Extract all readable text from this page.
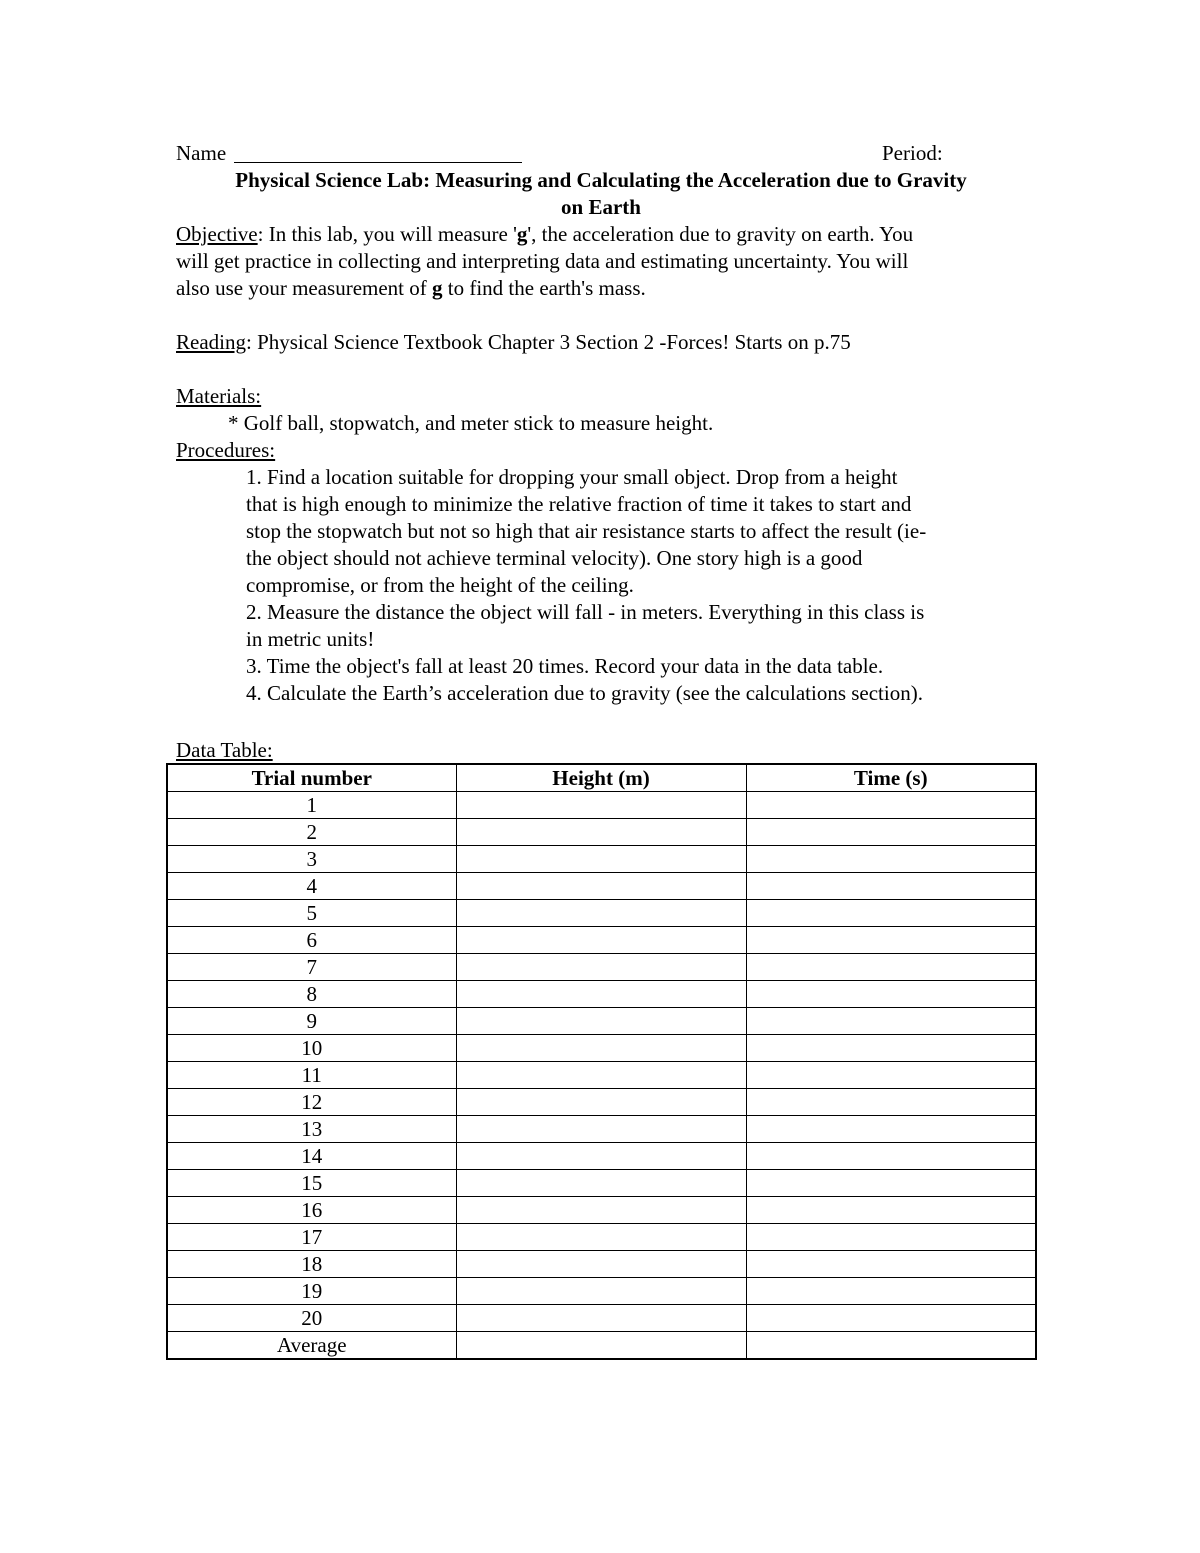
Name	Period:
Physical Science Lab: Measuring and Calculating the Acceleration due to Gravity
on Earth

Objective: In this lab, you will measure 'g', the acceleration due to gravity on earth. You

will get practice in collecting and interpreting data and estimating uncertainty. You will

also use your measurement of g to find the earth's mass.

Reading: Physical Science Textbook Chapter 3 Section 2 -Forces! Starts on p.75

Materials:

* Golf ball, stopwatch, and meter stick to measure height.

Procedures:

1. Find a location suitable for dropping your small object. Drop from a height

that is high enough to minimize the relative fraction of time it takes to start and

stop the stopwatch but not so high that air resistance starts to affect the result (ie-

the object should not achieve terminal velocity). One story high is a good

compromise, or from the height of the ceiling.

2. Measure the distance the object will fall - in meters. Everything in this class is

in metric units!

3. Time the object's fall at least 20 times. Record your data in the data table.

4. Calculate the Earth’s acceleration due to gravity (see the calculations section).

Data Table:
Trial number	Height (m)	Time (s)
1		
2		
3		
4		
5		
6		
7		
8		
9		
10		
11		
12		
13		
14		
15		
16		
17		
18		
19		
20		
Average		
